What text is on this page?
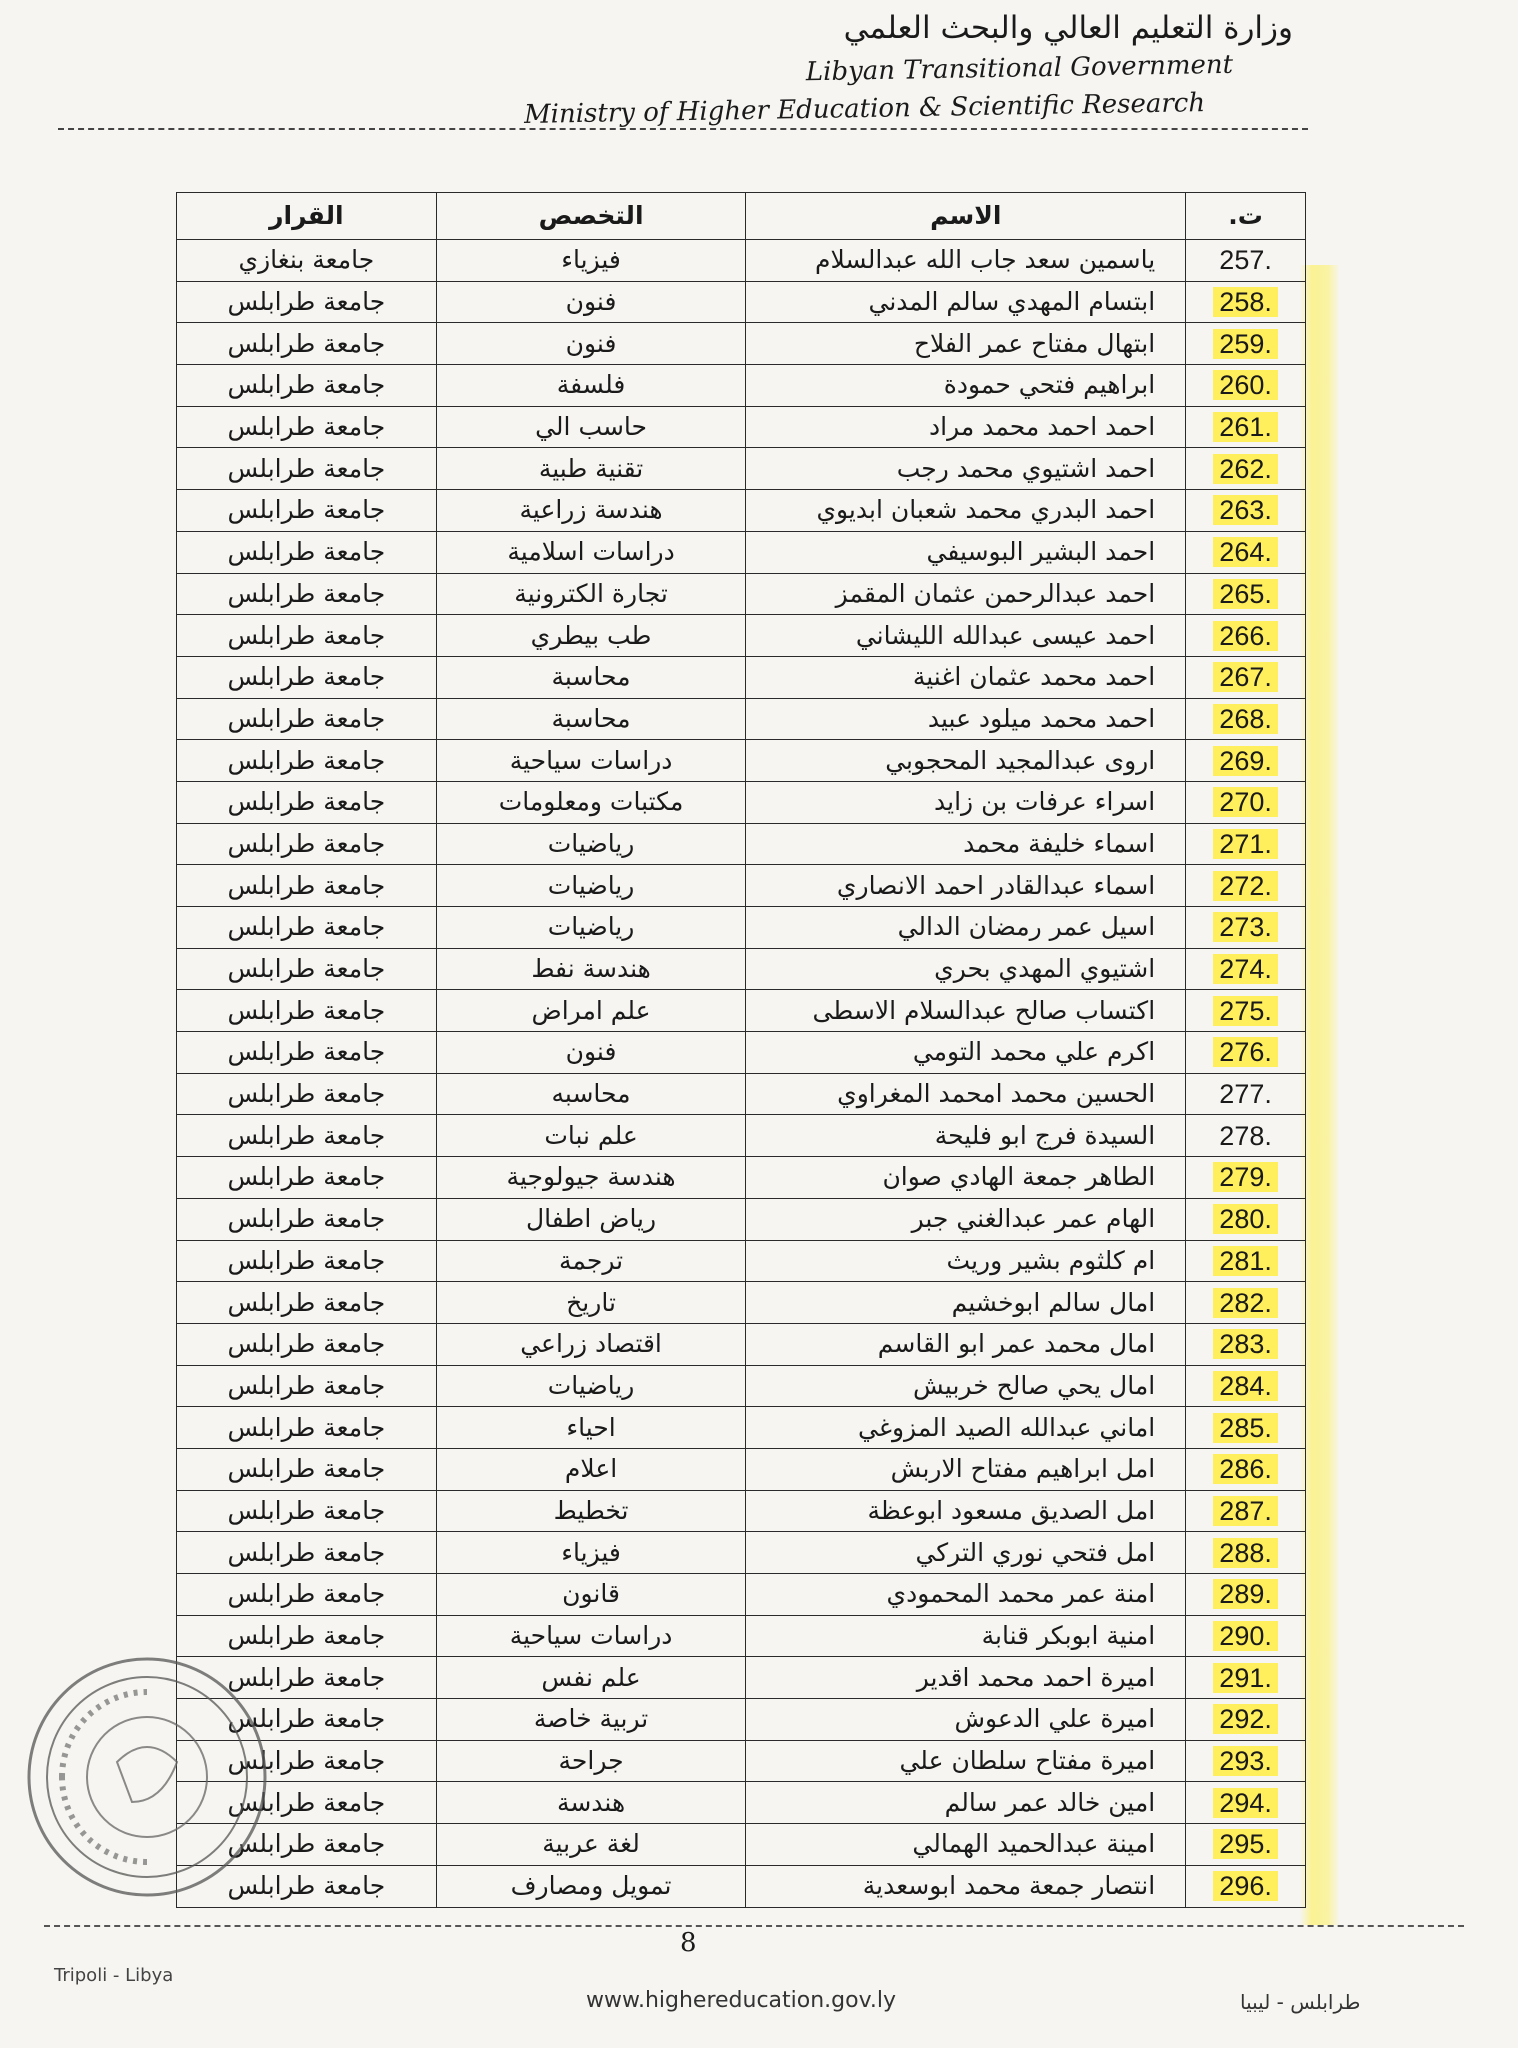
وزارة التعليم العالي والبحث العلمي
Libyan Transitional Government
Ministry of Higher Education & Scientific Research
ت.	الاسم	التخصص	القرار
257.	ياسمين سعد جاب الله عبدالسلام	فيزياء	جامعة بنغازي
258.	ابتسام المهدي سالم المدني	فنون	جامعة طرابلس
259.	ابتهال مفتاح عمر الفلاح	فنون	جامعة طرابلس
260.	ابراهيم فتحي حمودة	فلسفة	جامعة طرابلس
261.	احمد احمد محمد مراد	حاسب الي	جامعة طرابلس
262.	احمد اشتيوي محمد رجب	تقنية طبية	جامعة طرابلس
263.	احمد البدري محمد شعبان ابديوي	هندسة زراعية	جامعة طرابلس
264.	احمد البشير البوسيفي	دراسات اسلامية	جامعة طرابلس
265.	احمد عبدالرحمن عثمان المقمز	تجارة الكترونية	جامعة طرابلس
266.	احمد عيسى عبدالله الليشاني	طب بيطري	جامعة طرابلس
267.	احمد محمد عثمان اغنية	محاسبة	جامعة طرابلس
268.	احمد محمد ميلود عبيد	محاسبة	جامعة طرابلس
269.	اروى عبدالمجيد المحجوبي	دراسات سياحية	جامعة طرابلس
270.	اسراء عرفات بن زايد	مكتبات ومعلومات	جامعة طرابلس
271.	اسماء خليفة محمد	رياضيات	جامعة طرابلس
272.	اسماء عبدالقادر احمد الانصاري	رياضيات	جامعة طرابلس
273.	اسيل عمر رمضان الدالي	رياضيات	جامعة طرابلس
274.	اشتيوي المهدي بحري	هندسة نفط	جامعة طرابلس
275.	اكتساب صالح عبدالسلام الاسطى	علم امراض	جامعة طرابلس
276.	اكرم علي محمد التومي	فنون	جامعة طرابلس
277.	الحسين محمد امحمد المغراوي	محاسبه	جامعة طرابلس
278.	السيدة فرج ابو فليحة	علم نبات	جامعة طرابلس
279.	الطاهر جمعة الهادي صوان	هندسة جيولوجية	جامعة طرابلس
280.	الهام عمر عبدالغني جبر	رياض اطفال	جامعة طرابلس
281.	ام كلثوم بشير وريث	ترجمة	جامعة طرابلس
282.	امال سالم ابوخشيم	تاريخ	جامعة طرابلس
283.	امال محمد عمر ابو القاسم	اقتصاد زراعي	جامعة طرابلس
284.	امال يحي صالح خربيش	رياضيات	جامعة طرابلس
285.	اماني عبدالله الصيد المزوغي	احياء	جامعة طرابلس
286.	امل ابراهيم مفتاح الاربش	اعلام	جامعة طرابلس
287.	امل الصديق مسعود ابوعظة	تخطيط	جامعة طرابلس
288.	امل فتحي نوري التركي	فيزياء	جامعة طرابلس
289.	امنة عمر محمد المحمودي	قانون	جامعة طرابلس
290.	امنية ابوبكر قنابة	دراسات سياحية	جامعة طرابلس
291.	اميرة احمد محمد اقدير	علم نفس	جامعة طرابلس
292.	اميرة علي الدعوش	تربية خاصة	جامعة طرابلس
293.	اميرة مفتاح سلطان علي	جراحة	جامعة طرابلس
294.	امين خالد عمر سالم	هندسة	جامعة طرابلس
295.	امينة عبدالحميد الهمالي	لغة عربية	جامعة طرابلس
296.	انتصار جمعة محمد ابوسعدية	تمويل ومصارف	جامعة طرابلس
8
Tripoli - Libya
www.highereducation.gov.ly	طرابلس - ليبيا
